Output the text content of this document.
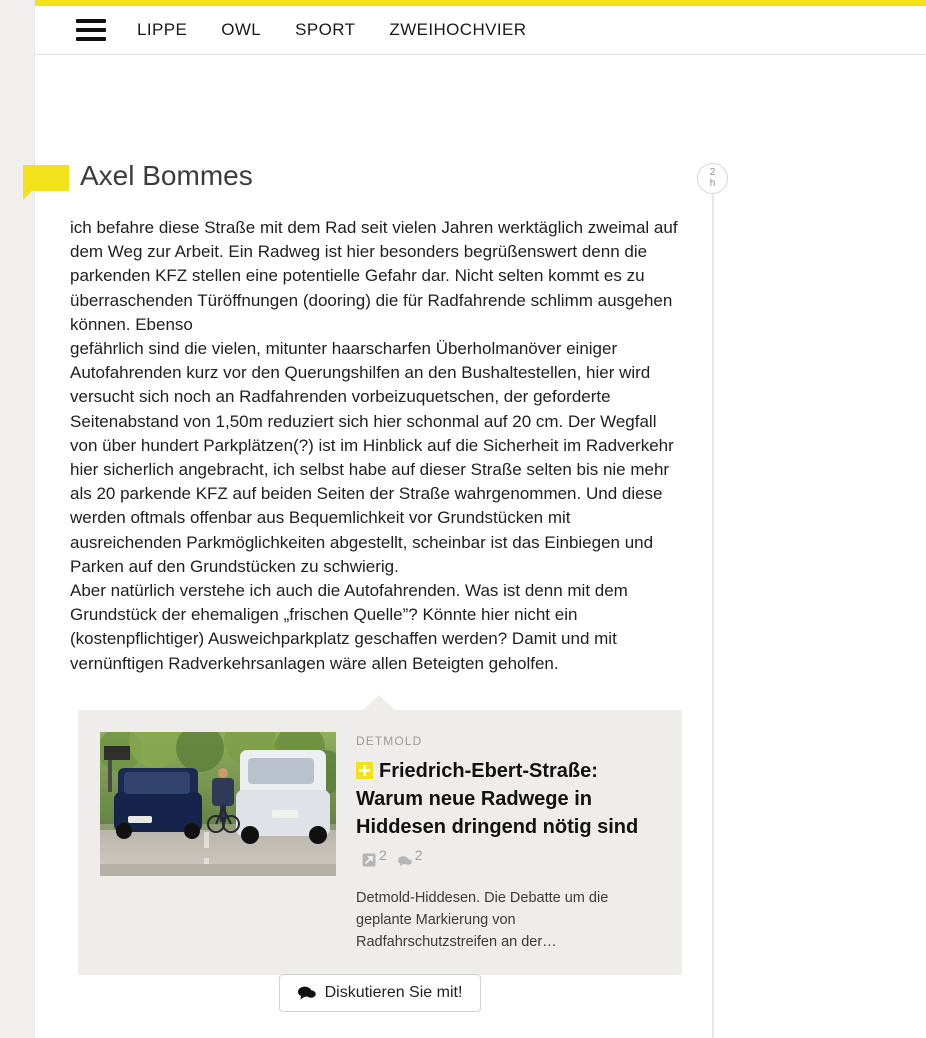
LIPPE OWL SPORT ZWEIHOCHVIER
2
h
Axel Bommes

ich befahre diese Straße mit dem Rad seit vielen Jahren werktäglich zweimal auf dem Weg zur Arbeit. Ein Radweg ist hier besonders begrüßenswert denn die parkenden KFZ stellen eine potentielle Gefahr dar. Nicht selten kommt es zu überraschenden Türöffnungen (dooring) die für Radfahrende schlimm ausgehen können. Ebenso

gefährlich sind die vielen, mitunter haarscharfen Überholmanöver einiger Autofahrenden kurz vor den Querungshilfen an den Bushaltestellen, hier wird versucht sich noch an Radfahrenden vorbeizuquetschen, der geforderte Seitenabstand von 1,50m reduziert sich hier schonmal auf 20 cm. Der Wegfall von über hundert Parkplätzen(?) ist im Hinblick auf die Sicherheit im Radverkehr hier sicherlich angebracht, ich selbst habe auf dieser Straße selten bis nie mehr als 20 parkende KFZ auf beiden Seiten der Straße wahrgenommen. Und diese werden oftmals offenbar aus Bequemlichkeit vor Grundstücken mit ausreichenden Parkmöglichkeiten abgestellt, scheinbar ist das Einbiegen und Parken auf den Grundstücken zu schwierig.

Aber natürlich verstehe ich auch die Autofahrenden. Was ist denn mit dem Grundstück der ehemaligen „frischen Quelle”? Könnte hier nicht ein (kostenpflichtiger) Ausweichparkplatz geschaffen werden? Damit und mit vernünftigen Radverkehrsanlagen wäre allen Beteigten geholfen.

DETMOLD
Friedrich-Ebert-Straße: Warum neue Radwege in Hiddesen dringend nötig sind
2 2
Detmold-Hiddesen. Die Debatte um die geplante Markierung von Radfahrschutzstreifen an der…
Diskutieren Sie mit!
